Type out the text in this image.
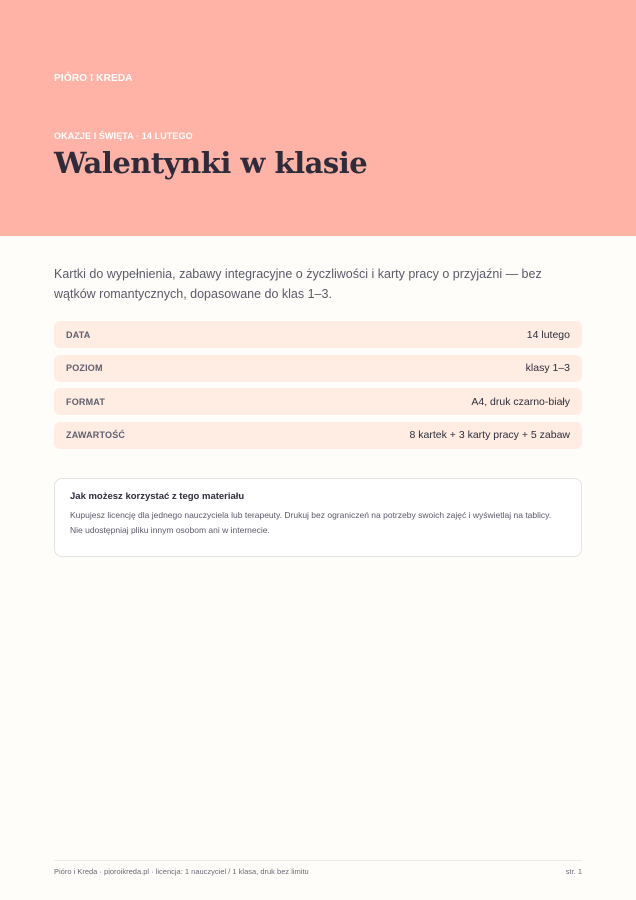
PIÓRO I KREDA
OKAZJE I ŚWIĘTA · 14 LUTEGO
Walentynki w klasie

Kartki do wypełnienia, zabawy integracyjne o życzliwości i karty pracy o przyjaźni — bez wątków romantycznych, dopasowane do klas 1–3.

DATA	14 lutego
POZIOM	klasy 1–3
FORMAT	A4, druk czarno-biały
ZAWARTOŚĆ	8 kartek + 3 karty pracy + 5 zabaw

Jak możesz korzystać z tego materiału

Kupujesz licencję dla jednego nauczyciela lub terapeuty. Drukuj bez ograniczeń na potrzeby swoich zajęć i wyświetlaj na tablicy. Nie udostępniaj pliku innym osobom ani w internecie.

Pióro i Kreda · pioroikreda.pl · licencja: 1 nauczyciel / 1 klasa, druk bez limitu	str. 1
